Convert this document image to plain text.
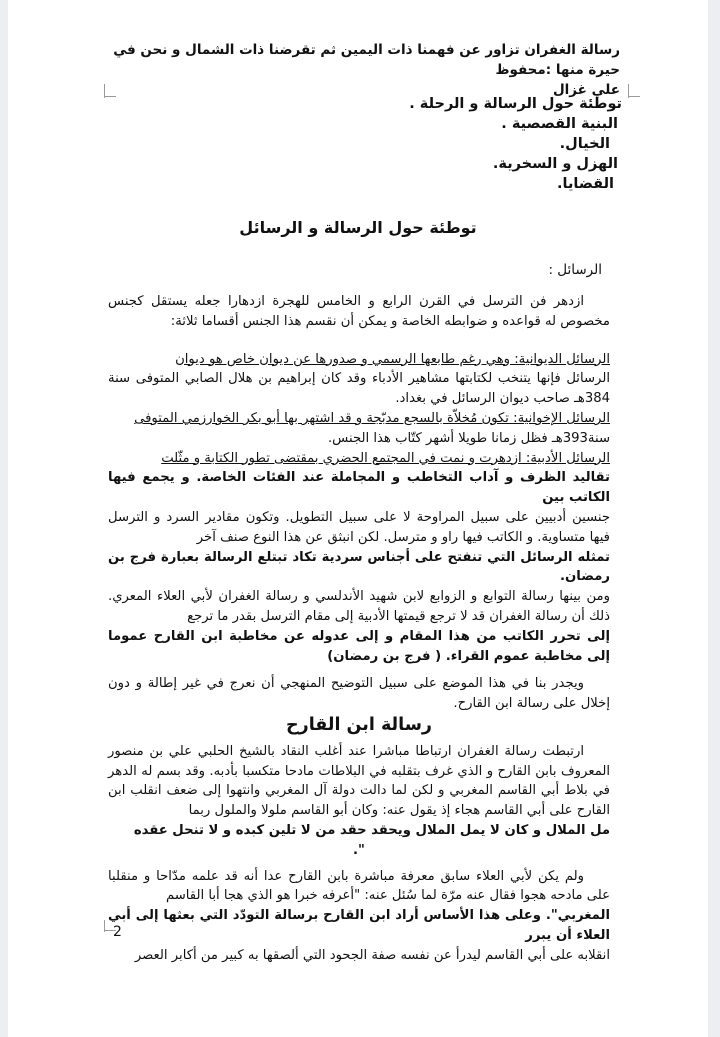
رسالة الغفران تزاور عن فهمنا ذات اليمين ثم تقرضنا ذات الشمال و نحن في حيرة منها :محفوظ
علي غزال
توطئة حول الرسالة و الرحلة .
البنية القصصية .
الخيال.
الهزل و السخرية.
القضايا.
توطئة حول الرسالة و الرسائل
الرسائل :

ازدهر فن الترسل في القرن الرابع و الخامس للهجرة ازدهارا جعله يستقل كجنس مخصوص له قواعده و ضوابطه الخاصة و يمكن أن نقسم هذا الجنس أقساما ثلاثة:

الرسائل الديوانية: وهي رغم طابعها الرسمي و صدورها عن ديوان خاص هو ديوان

الرسائل فإنها يتنخب لكتابتها مشاهير الأدباء وقد كان إبراهيم بن هلال الصابي المتوفى سنة 384هـ صاحب ديوان الرسائل في بغداد.

الرسائل الإخوانية: تكون مُخلاّة بالسجع مدبّجة و قد اشتهر بها أبو بكر الخوارزمي المتوفى

سنة393هـ فظل زمانا طويلا أشهر كتّاب هذا الجنس.

الرسائل الأدبية: ازدهرت و نمت في المجتمع الحضري بمقتضى تطور الكتابة و مثّلت

تقاليد الظرف و آداب التخاطب و المجاملة عند الفئات الخاصة. و يجمع فيها الكاتب بين

جنسين أدبيين على سبيل المراوحة لا على سبيل التطويل. وتكون مقادير السرد و الترسل فيها متساوية. و الكاتب فيها راو و مترسل. لكن انبثق عن هذا النوع صنف آخر

تمثله الرسائل التي تنفتح على أجناس سردية تكاد تبتلع الرسالة بعبارة فرج بن رمضان.

ومن بينها رسالة التوابع و الزوابع لابن شهيد الأندلسي و رسالة الغفران لأبي العلاء المعري. ذلك أن رسالة الغفران قد لا ترجع قيمتها الأدبية إلى مقام الترسل بقدر ما ترجع

إلى تحرر الكاتب من هذا المقام و إلى عدوله عن مخاطبة ابن القارح عموما إلى مخاطبة عموم القراء. ( فرج بن رمضان)

ويجدر بنا في هذا الموضع على سبيل التوضيح المنهجي أن نعرج في غير إطالة و دون إخلال على رسالة ابن القارح.

رسالة ابن القارح

ارتبطت رسالة الغفران ارتباطا مباشرا عند أغلب النقاد بالشيخ الحلبي علي بن منصور المعروف بابن القارح و الذي غرف بتقلبه في البلاطات مادحا متكسبا بأدبه. وقد بسم له الدهر في بلاط أبي القاسم المغربي و لكن لما دالت دولة آل المغربي وانتهوا إلى ضعف انقلب ابن القارح على أبي القاسم هجاء إذ يقول عنه: وكان أبو القاسم ملولا والملول ربما

مل الملال و كان لا يمل الملال ويحقد حقد من لا تلين كبده و لا تنحل عقده

".

ولم يكن لأبي العلاء سابق معرفة مباشرة بابن القارح عدا أنه قد علمه مدّاحا و منقلبا على مادحه هجوا فقال عنه مرّة لما سُئل عنه: "أعرفه خبرا هو الذي هجا أبا القاسم

المغربي". وعلى هذا الأساس أراد ابن القارح برسالة التودّد التي بعثها إلى أبي العلاء أن يبرر

انقلابه على أبي القاسم ليدرأ عن نفسه صفة الجحود التي ألصقها به كبير من أكابر العصر

2
